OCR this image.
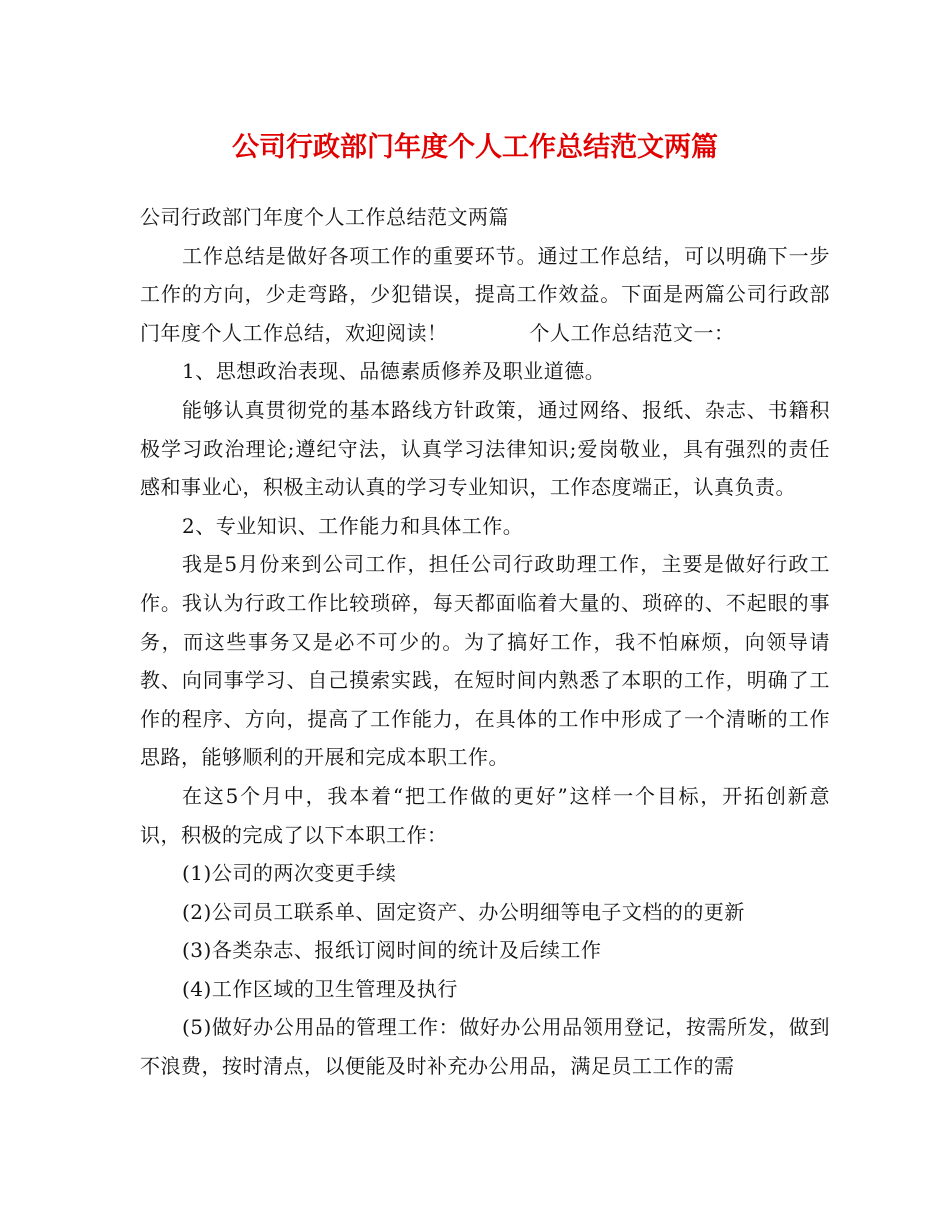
公司行政部门年度个人工作总结范文两篇

公司行政部门年度个人工作总结范文两篇

工作总结是做好各项工作的重要环节。通过工作总结，可以明确下一步工作的方向，少走弯路，少犯错误，提高工作效益。下面是两篇公司行政部门年度个人工作总结，欢迎阅读！　　　　个人工作总结范文一：

1、思想政治表现、品德素质修养及职业道德。

能够认真贯彻党的基本路线方针政策，通过网络、报纸、杂志、书籍积极学习政治理论;遵纪守法，认真学习法律知识;爱岗敬业，具有强烈的责任感和事业心，积极主动认真的学习专业知识，工作态度端正，认真负责。

2、专业知识、工作能力和具体工作。

我是5月份来到公司工作，担任公司行政助理工作，主要是做好行政工作。我认为行政工作比较琐碎，每天都面临着大量的、琐碎的、不起眼的事务，而这些事务又是必不可少的。为了搞好工作，我不怕麻烦，向领导请教、向同事学习、自己摸索实践，在短时间内熟悉了本职的工作，明确了工作的程序、方向，提高了工作能力，在具体的工作中形成了一个清晰的工作思路，能够顺利的开展和完成本职工作。

在这5个月中，我本着“把工作做的更好”这样一个目标，开拓创新意识，积极的完成了以下本职工作：

(1)公司的两次变更手续

(2)公司员工联系单、固定资产、办公明细等电子文档的的更新

(3)各类杂志、报纸订阅时间的统计及后续工作

(4)工作区域的卫生管理及执行

(5)做好办公用品的管理工作：做好办公用品领用登记，按需所发，做到不浪费，按时清点，以便能及时补充办公用品，满足员工工作的需
